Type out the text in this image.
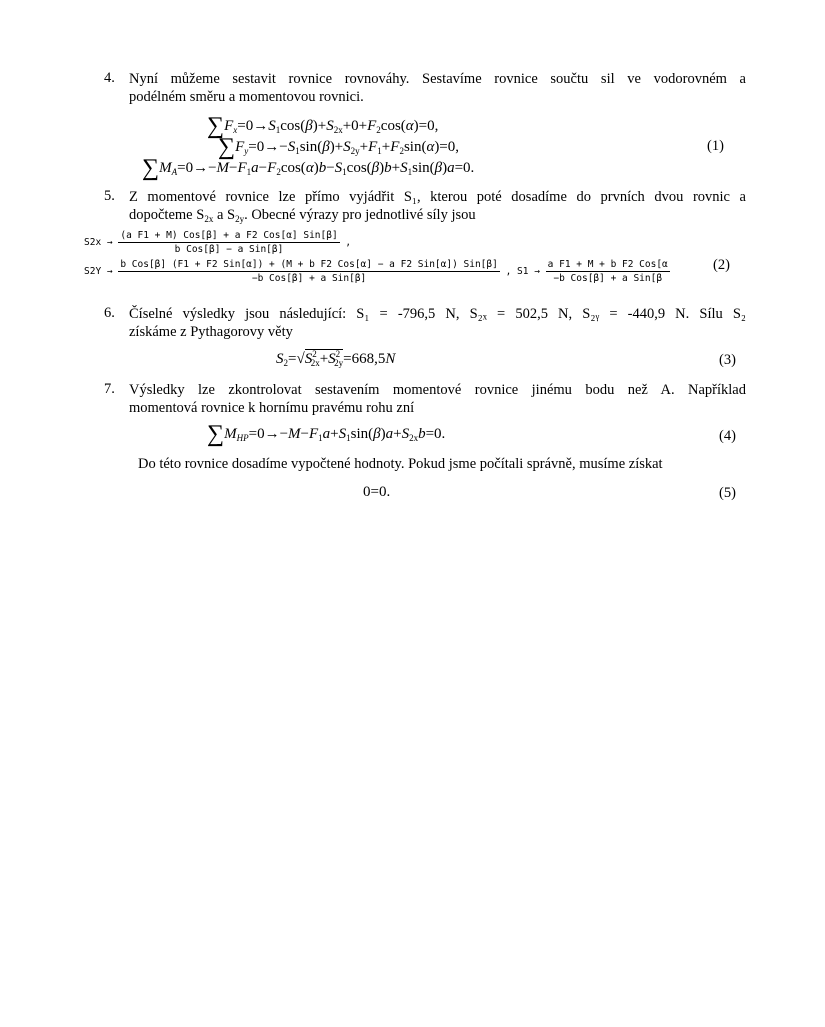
4. Nyní můžeme sestavit rovnice rovnováhy. Sestavíme rovnice součtu sil ve vodorovném a
podélném směru a momentovou rovnici.
$\sum F_x=0\to S_1\cos(\beta)+S_{2x}+0+F_2\cos(\alpha)=0$,
$\sum F_y=0\to-S_1\sin(\beta)+S_{2y}+F_1+F_2\sin(\alpha)=0$,
$\sum M_A=0\to-M-F_1a-F_2\cos(\alpha)b-S_1\cos(\beta)b+S_1\sin(\beta)a=0$.
(1)
5. Z momentové rovnice lze přímo vyjádřit S₁, kterou poté dosadíme do prvních dvou rovnic a
dopočteme $S_{2x}$ a $S_{2y}$. Obecné výrazy pro jednotlivé síly jsou
$S2x \to \frac{\text{(a F1 + M) Cos[β] + a F2 Cos[α] Sin[β]}}{\text{b Cos[β] − a Sin[β]}}$ ,
S2Y →
b Cos[β] (F1 + F2 Sin[α]) + (M + b F2 Cos[α] − a F2 Sin[α]) Sin[β]
−b Cos[β] + a Sin[β]
, $S1 \to \frac{\text{a F1 + M + b F2 Cos[α}}{\text{−b Cos[β] + a Sin[β}}$	(2)
6. Číselné výsledky jsou následující: S₁ = -796,5 N, S₂ₓ = 502,5 N, S₂ᵧ = -440,9 N. Sílu S₂
získáme z Pythagorovy věty
$S_2=√S^2_{2x}+S^2_{2y}=668,5N$	(3)
7. Výsledky lze zkontrolovat sestavením momentové rovnice jinému bodu než A. Například
momentová rovnice k hornímu pravému rohu zní
$\sum M_{HP}=0\to-M-F_1a+S_1\sin(\beta)a+S_{2x}b=0$.	(4)
Do této rovnice dosadíme vypočtené hodnoty. Pokud jsme počítali správně, musíme získat
0=0.	(5)
